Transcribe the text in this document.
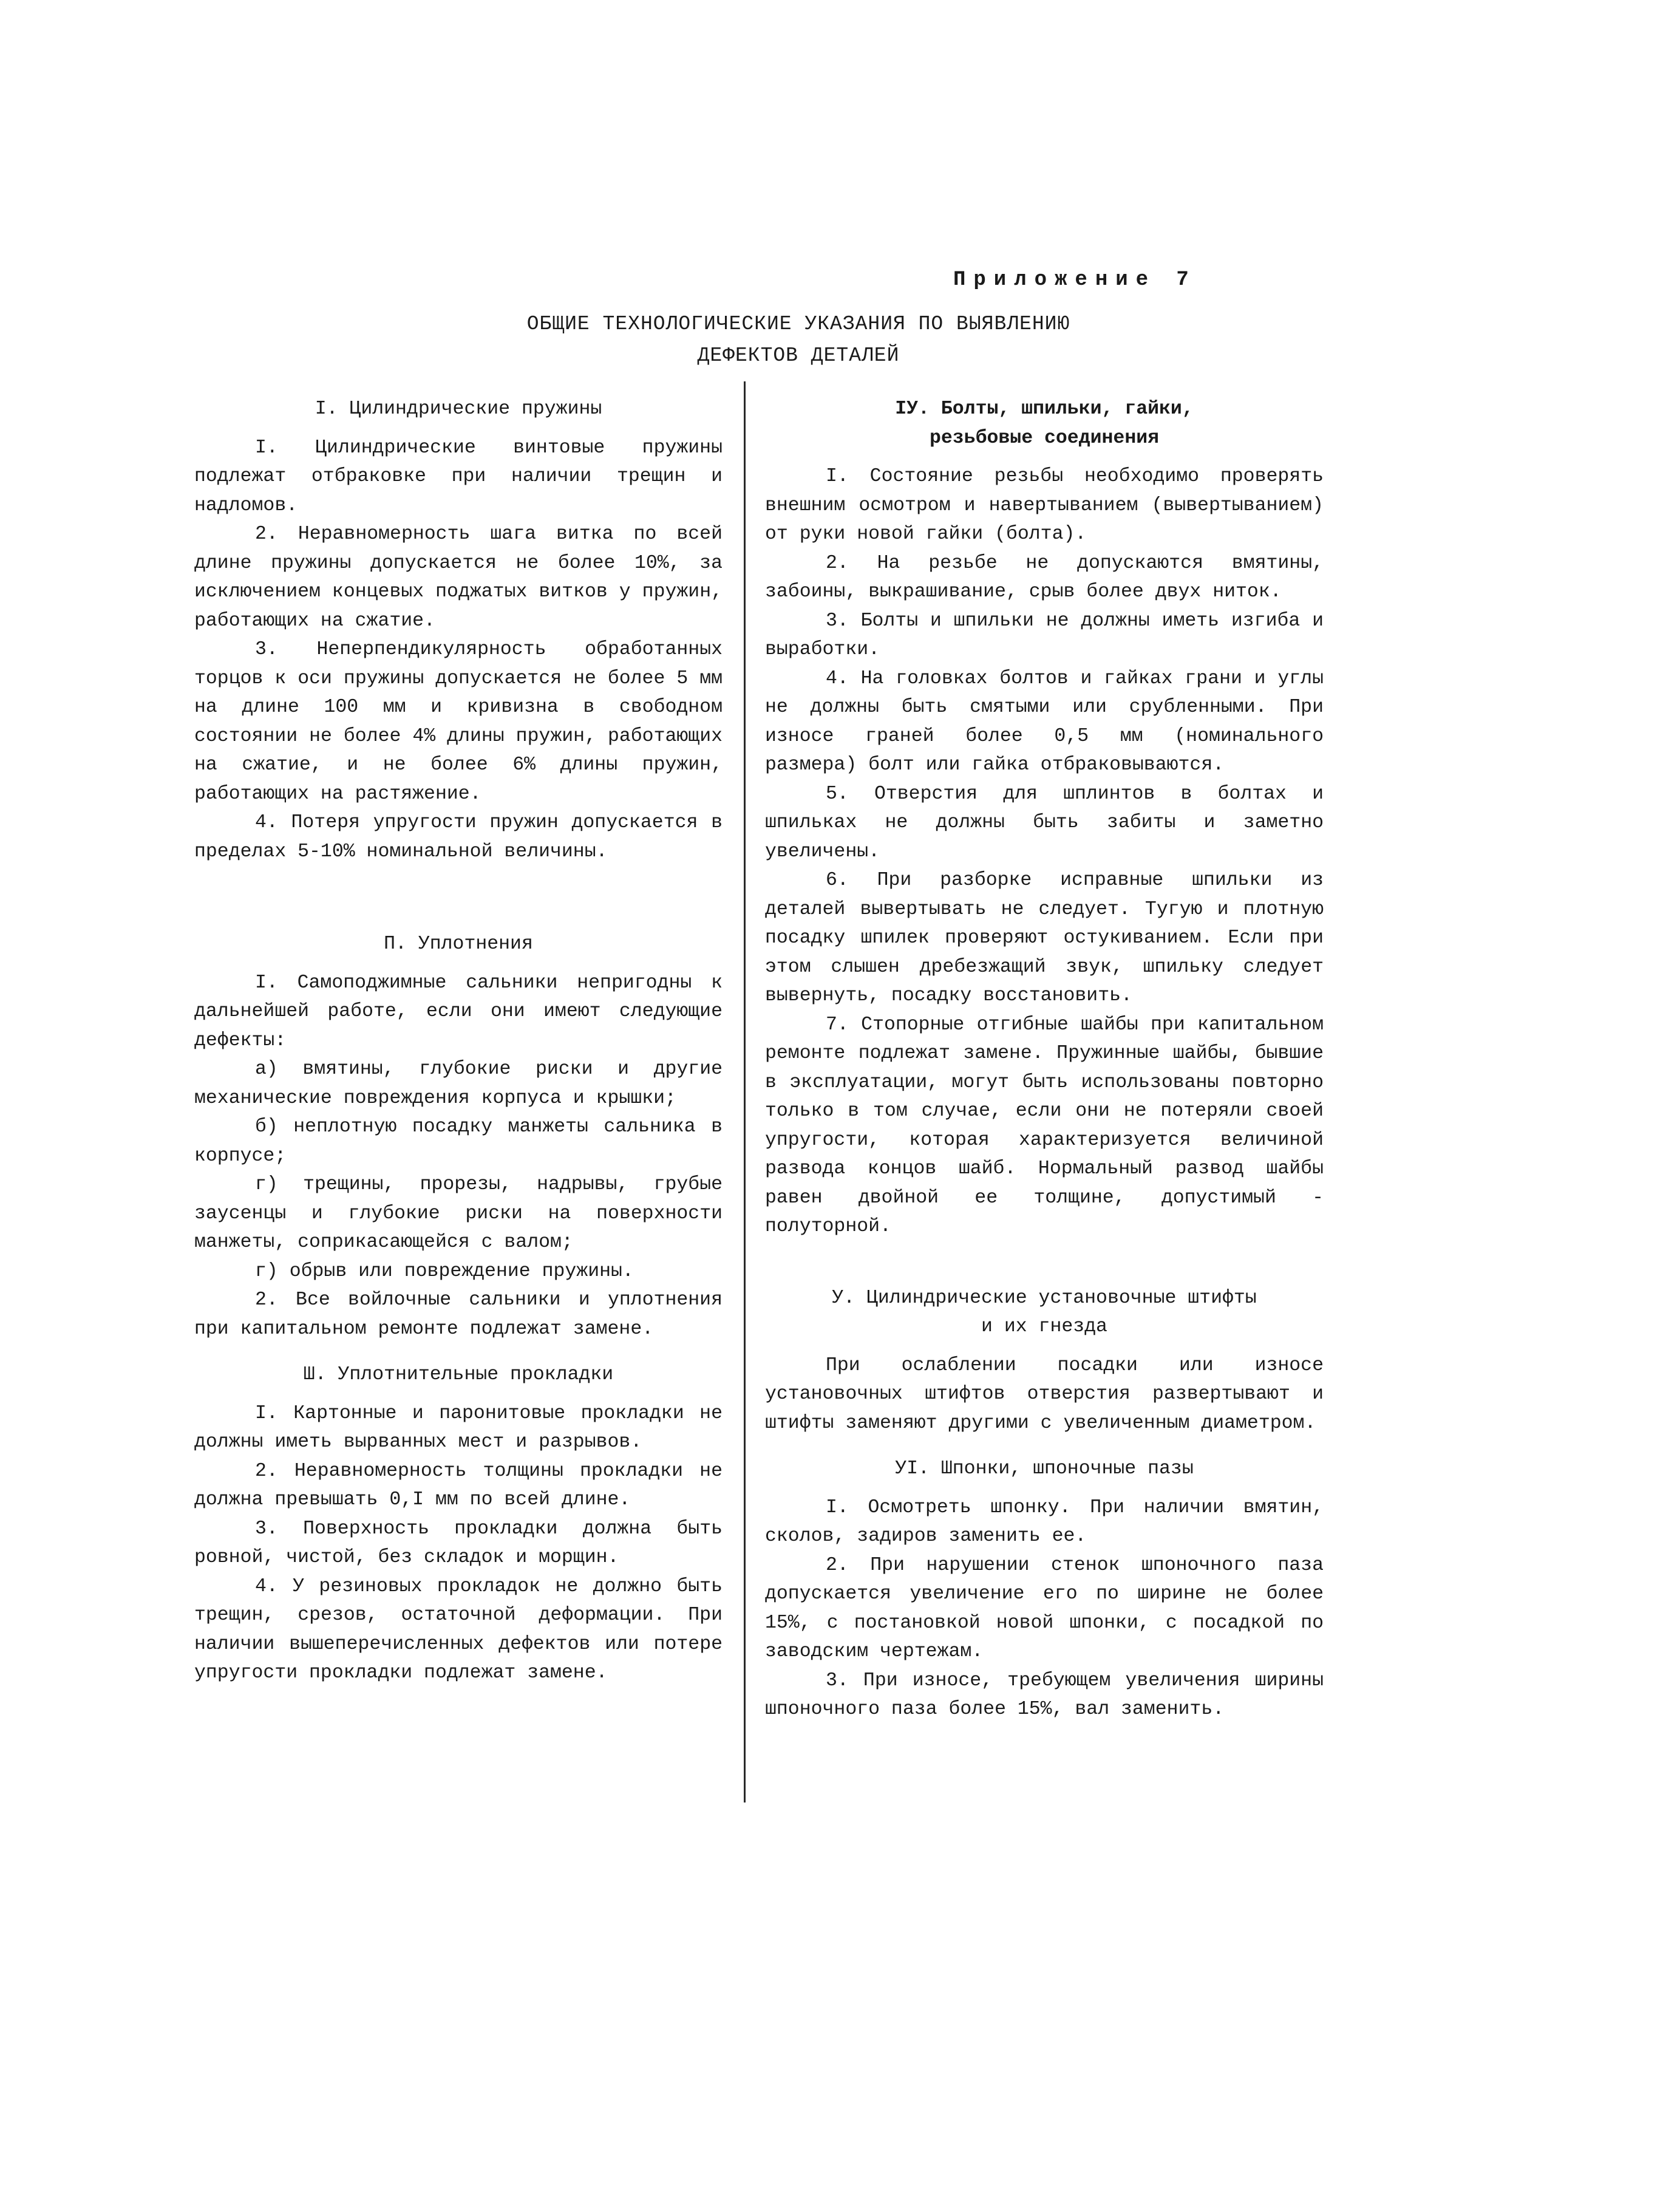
Приложение 7
ОБЩИЕ ТЕХНОЛОГИЧЕСКИЕ УКАЗАНИЯ ПО ВЫЯВЛЕНИЮ
ДЕФЕКТОВ ДЕТАЛЕЙ
I. Цилиндрические пружины

I. Цилиндрические винтовые пружины подлежат отбраковке при наличии трещин и надломов.

2. Неравномерность шага витка по всей длине пружины допускается не более 10%, за исключением концевых поджатых витков у пружин, работающих на сжатие.

3. Неперпендикулярность обработанных торцов к оси пружины допускается не более 5 мм на длине 100 мм и кривизна в свободном состоянии не более 4% длины пружин, работающих на сжатие, и не более 6% длины пружин, работающих на растяжение.

4. Потеря упругости пружин допускается в пределах 5-10% номинальной величины.

П. Уплотнения

I. Самоподжимные сальники непригодны к дальнейшей работе, если они имеют следующие дефекты:

а) вмятины, глубокие риски и другие механические повреждения корпуса и крышки;

б) неплотную посадку манжеты сальника в корпусе;

г) трещины, прорезы, надрывы, грубые заусенцы и глубокие риски на поверхности манжеты, соприкасающейся с валом;

г) обрыв или повреждение пружины.

2. Все войлочные сальники и уплотнения при капитальном ремонте подлежат замене.

Ш. Уплотнительные прокладки

I. Картонные и паронитовые прокладки не должны иметь вырванных мест и разрывов.

2. Неравномерность толщины прокладки не должна превышать 0,I мм по всей длине.

3. Поверхность прокладки должна быть ровной, чистой, без складок и морщин.

4. У резиновых прокладок не должно быть трещин, срезов, остаточной деформации. При наличии вышеперечисленных дефектов или потере упругости прокладки подлежат замене.

IУ. Болты, шпильки, гайки,
резьбовые соединения

I. Состояние резьбы необходимо проверять внешним осмотром и навертыванием (вывертыванием) от руки новой гайки (болта).

2. На резьбе не допускаются вмятины, забоины, выкрашивание, срыв более двух ниток.

3. Болты и шпильки не должны иметь изгиба и выработки.

4. На головках болтов и гайках грани и углы не должны быть смятыми или срубленными. При износе граней более 0,5 мм (номинального размера) болт или гайка отбраковываются.

5. Отверстия для шплинтов в болтах и шпильках не должны быть забиты и заметно увеличены.

6. При разборке исправные шпильки из деталей вывертывать не следует. Тугую и плотную посадку шпилек проверяют остукиванием. Если при этом слышен дребезжащий звук, шпильку следует вывернуть, посадку восстановить.

7. Стопорные отгибные шайбы при капитальном ремонте подлежат замене. Пружинные шайбы, бывшие в эксплуатации, могут быть использованы повторно только в том случае, если они не потеряли своей упругости, которая характеризуется величиной развода концов шайб. Нормальный развод шайбы равен двойной ее толщине, допустимый - полуторной.

У. Цилиндрические установочные штифты
и их гнезда

При ослаблении посадки или износе установочных штифтов отверстия развертывают и штифты заменяют другими с увеличенным диаметром.

УI. Шпонки, шпоночные пазы

I. Осмотреть шпонку. При наличии вмятин, сколов, задиров заменить ее.

2. При нарушении стенок шпоночного паза допускается увеличение его по ширине не более 15%, с постановкой новой шпонки, с посадкой по заводским чертежам.

3. При износе, требующем увеличения ширины шпоночного паза более 15%, вал заменить.
